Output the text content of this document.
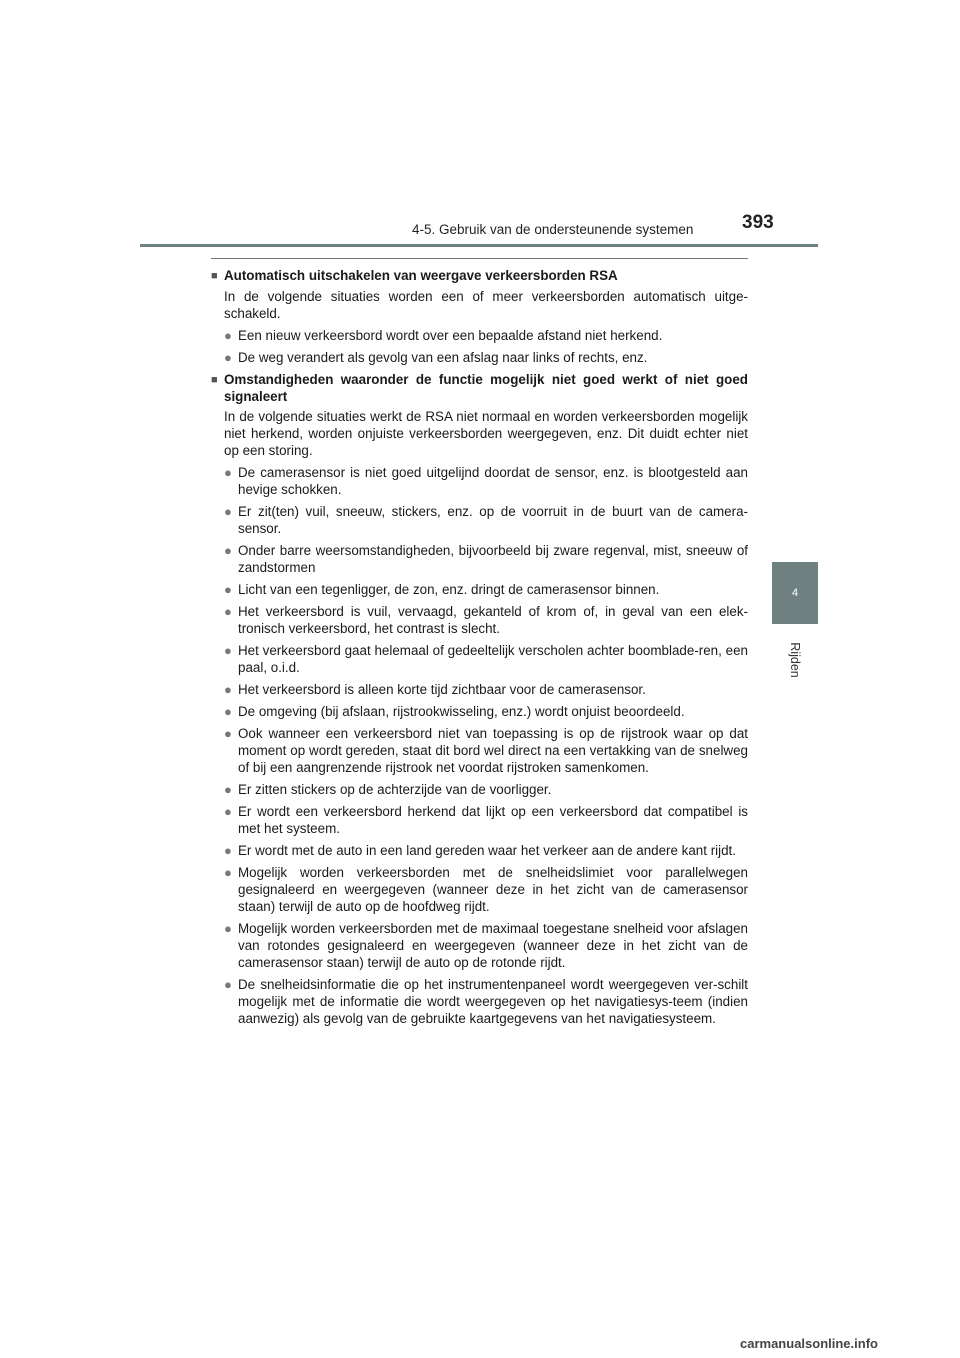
4-5. Gebruik van de ondersteunende systemen	393
4
Rijden
■ Automatisch uitschakelen van weergave verkeersborden RSA
In de volgende situaties worden een of meer verkeersborden automatisch uitge-schakeld.
● Een nieuw verkeersbord wordt over een bepaalde afstand niet herkend.
● De weg verandert als gevolg van een afslag naar links of rechts, enz.
■ Omstandigheden waaronder de functie mogelijk niet goed werkt of niet goed signaleert
In de volgende situaties werkt de RSA niet normaal en worden verkeersborden mogelijk niet herkend, worden onjuiste verkeersborden weergegeven, enz. Dit duidt echter niet op een storing.
● De camerasensor is niet goed uitgelijnd doordat de sensor, enz. is blootgesteld aan hevige schokken.
● Er zit(ten) vuil, sneeuw, stickers, enz. op de voorruit in de buurt van de camera-sensor.
● Onder barre weersomstandigheden, bijvoorbeeld bij zware regenval, mist, sneeuw of zandstormen
● Licht van een tegenligger, de zon, enz. dringt de camerasensor binnen.
● Het verkeersbord is vuil, vervaagd, gekanteld of krom of, in geval van een elek-tronisch verkeersbord, het contrast is slecht.
● Het verkeersbord gaat helemaal of gedeeltelijk verscholen achter boomblade-ren, een paal, o.i.d.
● Het verkeersbord is alleen korte tijd zichtbaar voor de camerasensor.
● De omgeving (bij afslaan, rijstrookwisseling, enz.) wordt onjuist beoordeeld.
● Ook wanneer een verkeersbord niet van toepassing is op de rijstrook waar op dat moment op wordt gereden, staat dit bord wel direct na een vertakking van de snelweg of bij een aangrenzende rijstrook net voordat rijstroken samenkomen.
● Er zitten stickers op de achterzijde van de voorligger.
● Er wordt een verkeersbord herkend dat lijkt op een verkeersbord dat compatibel is met het systeem.
● Er wordt met de auto in een land gereden waar het verkeer aan de andere kant rijdt.
● Mogelijk worden verkeersborden met de snelheidslimiet voor parallelwegen gesignaleerd en weergegeven (wanneer deze in het zicht van de camerasensor staan) terwijl de auto op de hoofdweg rijdt.
● Mogelijk worden verkeersborden met de maximaal toegestane snelheid voor afslagen van rotondes gesignaleerd en weergegeven (wanneer deze in het zicht van de camerasensor staan) terwijl de auto op de rotonde rijdt.
● De snelheidsinformatie die op het instrumentenpaneel wordt weergegeven ver-schilt mogelijk met de informatie die wordt weergegeven op het navigatiesys-teem (indien aanwezig) als gevolg van de gebruikte kaartgegevens van het navigatiesysteem.
carmanualsonline.info
